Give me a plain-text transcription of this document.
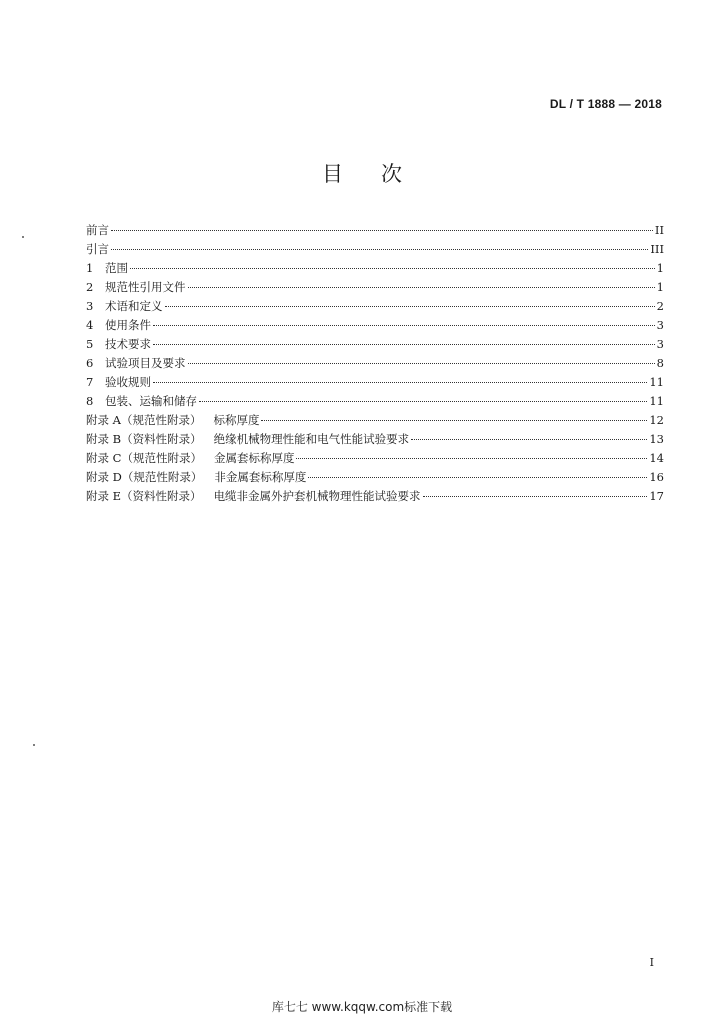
DL / T 1888 — 2018
目次
前言	II
引言	III
1	范围	1
2	规范性引用文件	1
3	术语和定义	2
4	使用条件	3
5	技术要求	3
6	试验项目及要求	8
7	验收规则	11
8	包装、运输和储存	11
附录 A（规范性附录） 标称厚度	12
附录 B（资料性附录） 绝缘机械物理性能和电气性能试验要求	13
附录 C（规范性附录） 金属套标称厚度	14
附录 D（规范性附录） 非金属套标称厚度	16
附录 E（资料性附录） 电缆非金属外护套机械物理性能试验要求	17
I
库七七 www.kqqw.com标准下载
